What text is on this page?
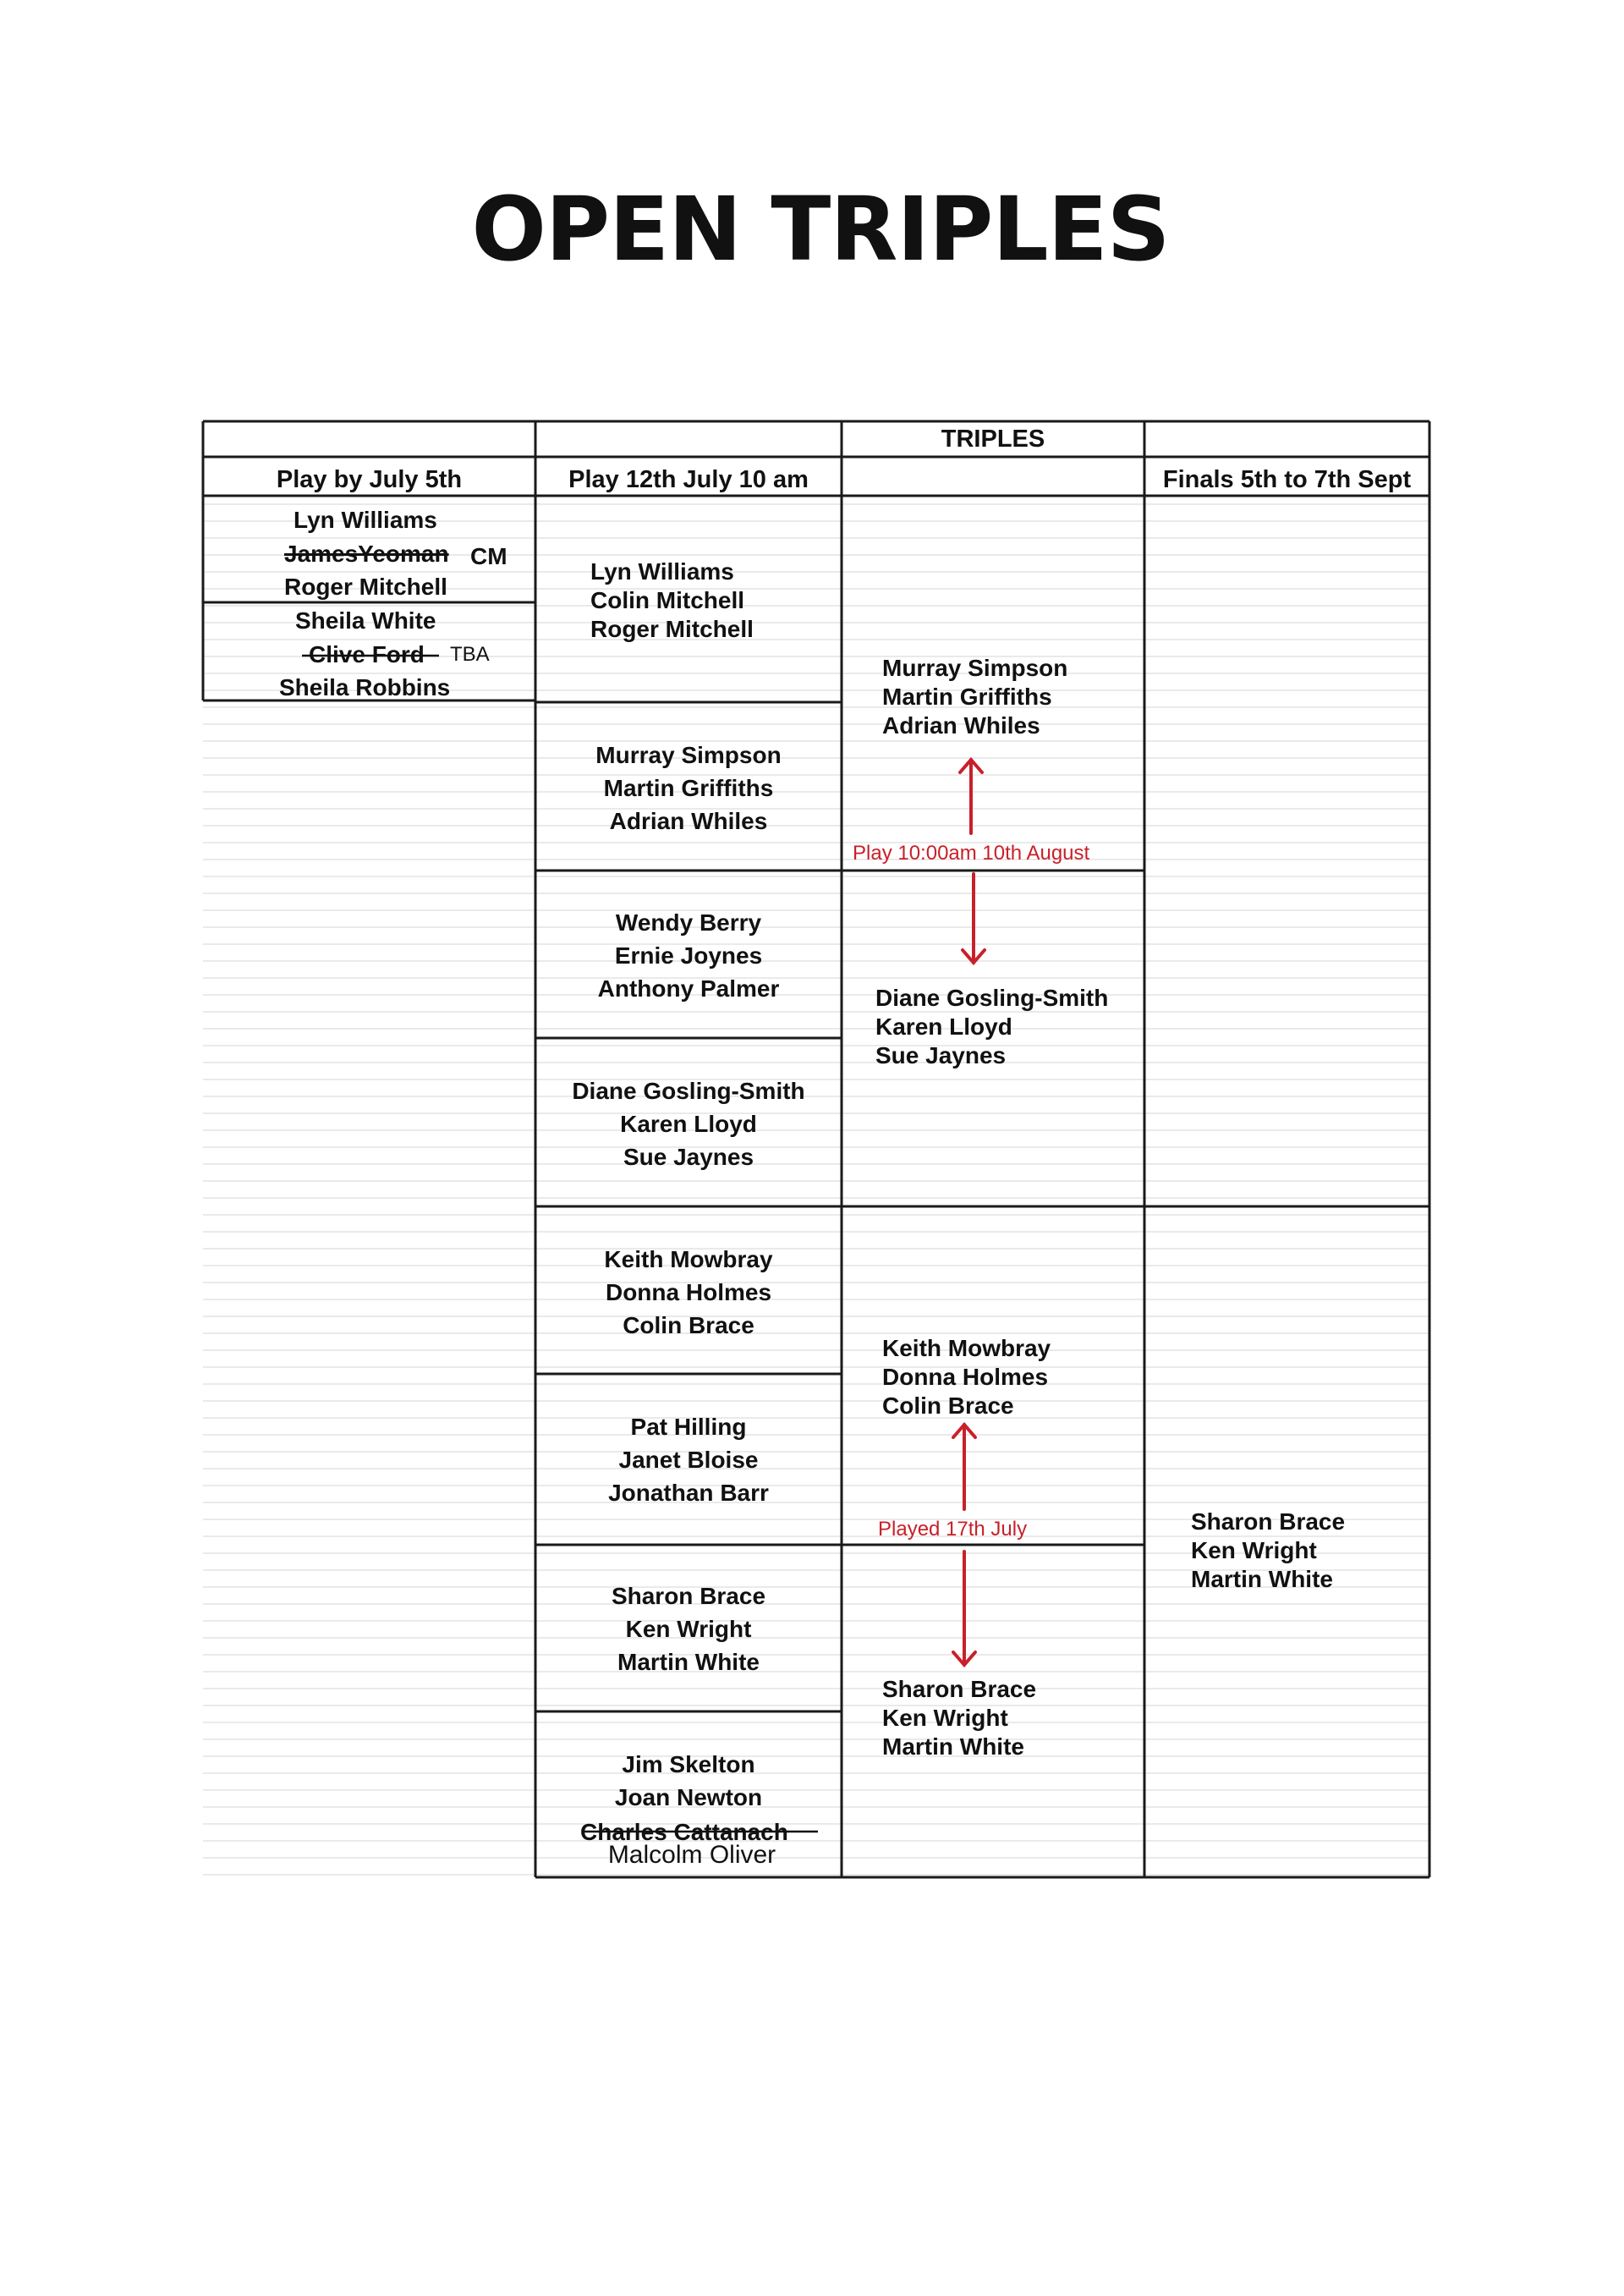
OPEN TRIPLES
TRIPLES
Play by July 5th	Play 12th July 10 am	Finals 5th to 7th Sept
Lyn Williams
JamesYeoman CM
Roger Mitchell
Sheila White
Clive Ford TBA
Sheila Robbins
Lyn Williams
Colin Mitchell
Roger Mitchell
Murray Simpson
Martin Griffiths
Adrian Whiles
Wendy Berry
Ernie Joynes
Anthony Palmer
Diane Gosling-Smith
Karen Lloyd
Sue Jaynes
Keith Mowbray
Donna Holmes
Colin Brace
Pat Hilling
Janet Bloise
Jonathan Barr
Sharon Brace
Ken Wright
Martin White
Jim Skelton
Joan Newton
Charles Cattanach
Malcolm Oliver
Murray Simpson
Martin Griffiths
Adrian Whiles
Play 10:00am 10th August
Diane Gosling-Smith
Karen Lloyd
Sue Jaynes
Keith Mowbray
Donna Holmes
Colin Brace
Played 17th July
Sharon Brace
Ken Wright
Martin White
Sharon Brace
Ken Wright
Martin White
